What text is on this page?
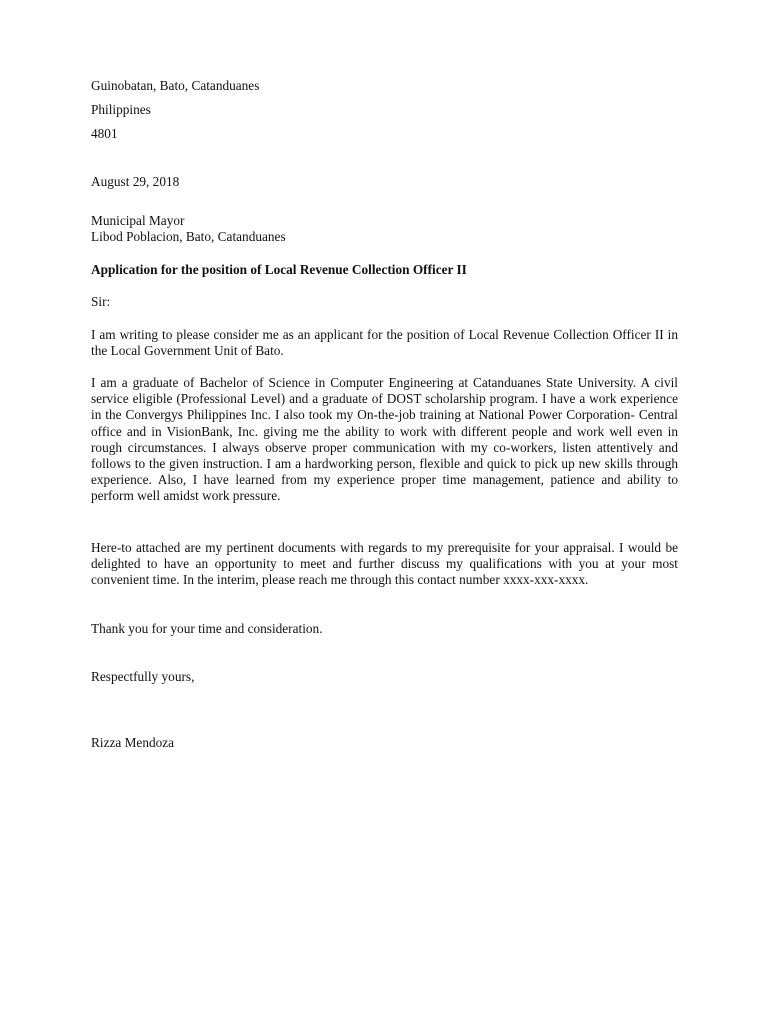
Guinobatan, Bato, Catanduanes
Philippines
4801
August 29, 2018
Municipal Mayor
Libod Poblacion, Bato, Catanduanes
Application for the position of Local Revenue Collection Officer II
Sir:
I am writing to please consider me as an applicant for the position of Local Revenue Collection Officer II in the Local Government Unit of Bato.
I am a graduate of Bachelor of Science in Computer Engineering at Catanduanes State University. A civil service eligible (Professional Level) and a graduate of DOST scholarship program. I have a work experience in the Convergys Philippines Inc. I also took my On-the-job training at National Power Corporation- Central office and in VisionBank, Inc. giving me the ability to work with different people and work well even in rough circumstances. I always observe proper communication with my co-workers, listen attentively and follows to the given instruction. I am a hardworking person, flexible and quick to pick up new skills through experience. Also, I have learned from my experience proper time management, patience and ability to perform well amidst work pressure.
Here-to attached are my pertinent documents with regards to my prerequisite for your appraisal. I would be delighted to have an opportunity to meet and further discuss my qualifications with you at your most convenient time. In the interim, please reach me through this contact number xxxx-xxx-xxxx.
Thank you for your time and consideration.
Respectfully yours,
Rizza Mendoza
